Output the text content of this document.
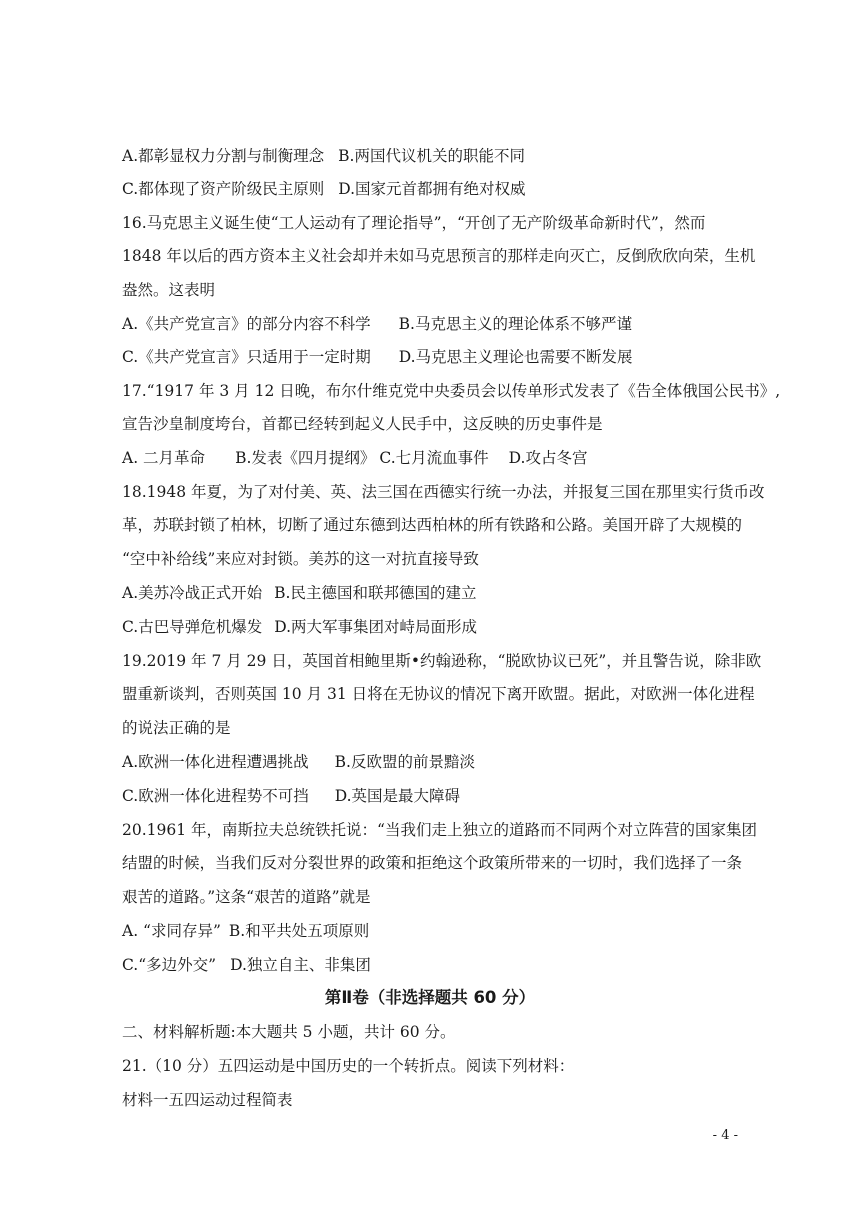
A.都彰显权力分割与制衡理念 B.两国代议机关的职能不同
C.都体现了资产阶级民主原则 D.国家元首都拥有绝对权威
16.马克思主义诞生使“工人运动有了理论指导”，“开创了无产阶级革命新时代”，然而
1848 年以后的西方资本主义社会却并未如马克思预言的那样走向灭亡，反倒欣欣向荣，生机
盎然。这表明
A.《共产党宣言》的部分内容不科学 B.马克思主义的理论体系不够严谨
C.《共产党宣言》只适用于一定时期 D.马克思主义理论也需要不断发展
17.“1917 年 3 月 12 日晚，布尔什维克党中央委员会以传单形式发表了《告全体俄国公民书》,
宣告沙皇制度垮台，首都已经转到起义人民手中，这反映的历史事件是
A. 二月革命 B.发表《四月提纲》 C.七月流血事件 D.攻占冬宫
18.1948 年夏，为了对付美、英、法三国在西德实行统一办法，并报复三国在那里实行货币改
革，苏联封锁了柏林，切断了通过东德到达西柏林的所有铁路和公路。美国开辟了大规模的
“空中补给线”来应对封锁。美苏的这一对抗直接导致
A.美苏冷战正式开始 B.民主德国和联邦德国的建立
C.古巴导弹危机爆发 D.两大军事集团对峙局面形成
19.2019 年 7 月 29 日，英国首相鲍里斯•约翰逊称，“脱欧协议已死”，并且警告说，除非欧
盟重新谈判，否则英国 10 月 31 日将在无协议的情况下离开欧盟。据此，对欧洲一体化进程
的说法正确的是
A.欧洲一体化进程遭遇挑战 B.反欧盟的前景黯淡
C.欧洲一体化进程势不可挡 D.英国是最大障碍
20.1961 年，南斯拉夫总统铁托说：“当我们走上独立的道路而不同两个对立阵营的国家集团
结盟的时候，当我们反对分裂世界的政策和拒绝这个政策所带来的一切时，我们选择了一条
艰苦的道路。”这条“艰苦的道路”就是
A. “求同存异” B.和平共处五项原则
C.“多边外交” D.独立自主、非集团
第Ⅱ卷（非选择题共 60 分）
二、材料解析题:本大题共 5 小题，共计 60 分。
21.（10 分）五四运动是中国历史的一个转折点。阅读下列材料：
材料一五四运动过程简表
- 4 -
